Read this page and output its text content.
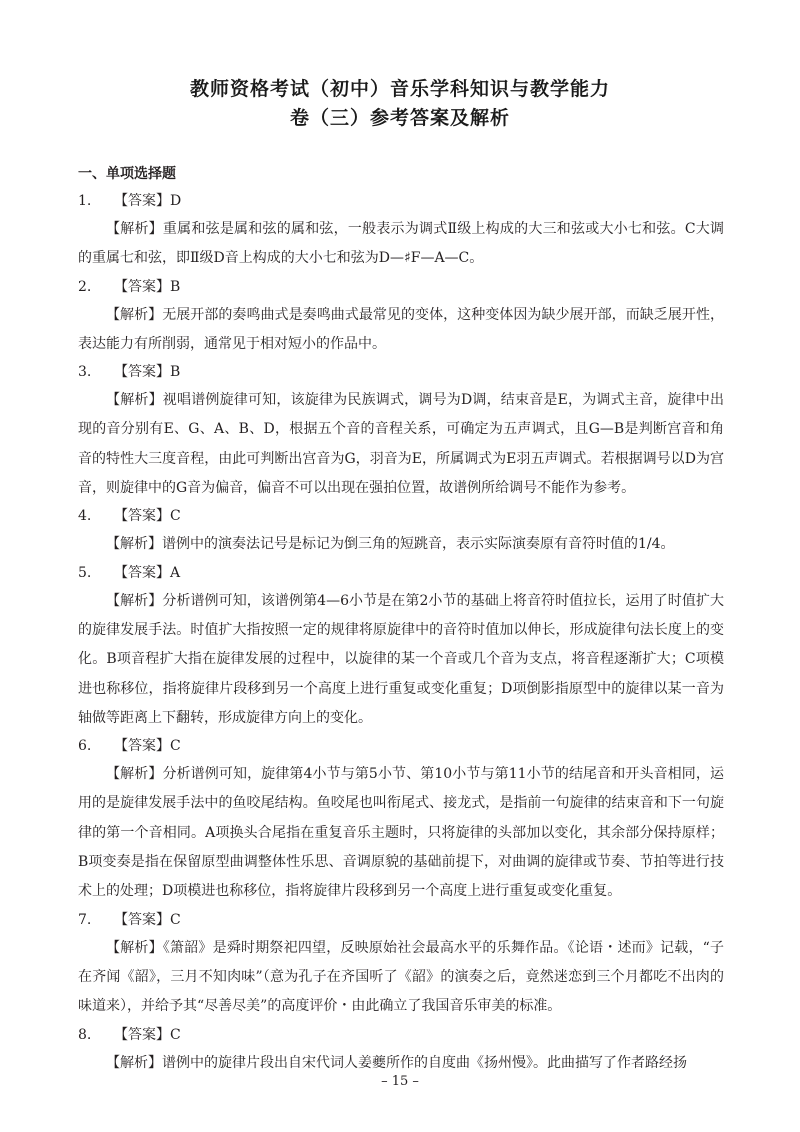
教师资格考试（初中）音乐学科知识与教学能力
卷（三）参考答案及解析
一、单项选择题
1. 【答案】D

【解析】重属和弦是属和弦的属和弦，一般表示为调式Ⅱ级上构成的大三和弦或大小七和弦。C大调的重属七和弦，即Ⅱ级D音上构成的大小七和弦为D—♯F—A—C。

2. 【答案】B

【解析】无展开部的奏鸣曲式是奏鸣曲式最常见的变体，这种变体因为缺少展开部，而缺乏展开性，表达能力有所削弱，通常见于相对短小的作品中。

3. 【答案】B

【解析】视唱谱例旋律可知，该旋律为民族调式，调号为D调，结束音是E，为调式主音，旋律中出现的音分别有E、G、A、B、D，根据五个音的音程关系，可确定为五声调式，且G—B是判断宫音和角音的特性大三度音程，由此可判断出宫音为G，羽音为E，所属调式为E羽五声调式。若根据调号以D为宫音，则旋律中的G音为偏音，偏音不可以出现在强拍位置，故谱例所给调号不能作为参考。

4. 【答案】C

【解析】谱例中的演奏法记号是标记为倒三角的短跳音，表示实际演奏原有音符时值的1/4。

5. 【答案】A

【解析】分析谱例可知，该谱例第4—6小节是在第2小节的基础上将音符时值拉长，运用了时值扩大的旋律发展手法。时值扩大指按照一定的规律将原旋律中的音符时值加以伸长，形成旋律句法长度上的变化。B项音程扩大指在旋律发展的过程中，以旋律的某一个音或几个音为支点，将音程逐渐扩大；C项模进也称移位，指将旋律片段移到另一个高度上进行重复或变化重复；D项倒影指原型中的旋律以某一音为轴做等距离上下翻转，形成旋律方向上的变化。

6. 【答案】C

【解析】分析谱例可知，旋律第4小节与第5小节、第10小节与第11小节的结尾音和开头音相同，运用的是旋律发展手法中的鱼咬尾结构。鱼咬尾也叫衔尾式、接龙式，是指前一句旋律的结束音和下一句旋律的第一个音相同。A项换头合尾指在重复音乐主题时，只将旋律的头部加以变化，其余部分保持原样；B项变奏是指在保留原型曲调整体性乐思、音调原貌的基础前提下，对曲调的旋律或节奏、节拍等进行技术上的处理；D项模进也称移位，指将旋律片段移到另一个高度上进行重复或变化重复。

7. 【答案】C

【解析】《箫韶》是舜时期祭祀四望，反映原始社会最高水平的乐舞作品。《论语・述而》记载，“子在齐闻《韶》，三月不知肉味”（意为孔子在齐国听了《韶》的演奏之后，竟然迷恋到三个月都吃不出肉的味道来），并给予其“尽善尽美”的高度评价・由此确立了我国音乐审美的标准。

8. 【答案】C

【解析】谱例中的旋律片段出自宋代词人姜夔所作的自度曲《扬州慢》。此曲描写了作者路经扬

– 15 –
